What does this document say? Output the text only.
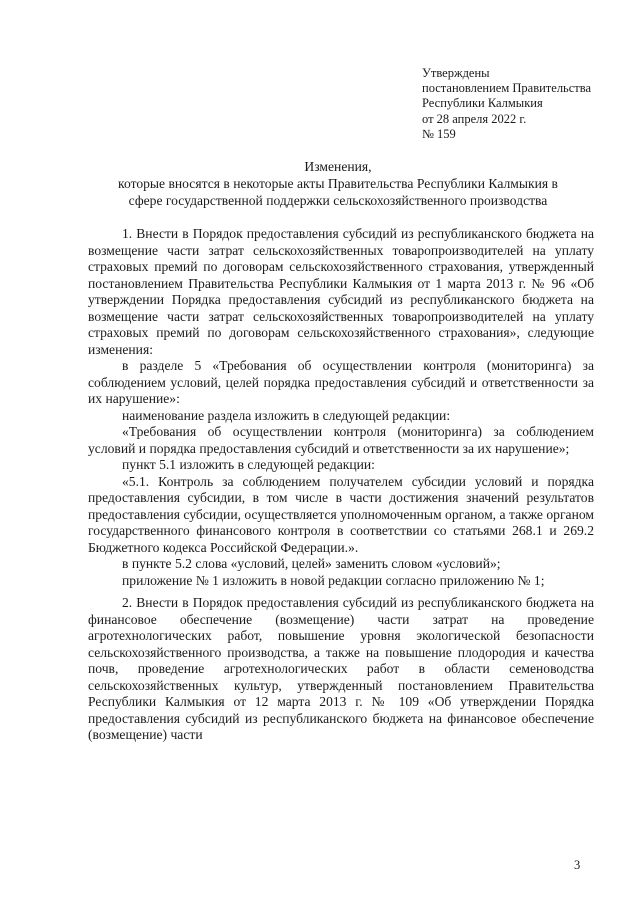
Утверждены
постановлением Правительства
Республики Калмыкия
от 28 апреля 2022 г.
№ 159
Изменения,
которые вносятся в некоторые акты Правительства Республики Калмыкия в
сфере государственной поддержки сельскохозяйственного производства

1. Внести в Порядок предоставления субсидий из республиканского бюджета на возмещение части затрат сельскохозяйственных товаропроизводителей на уплату страховых премий по договорам сельскохозяйственного страхования, утвержденный постановлением Правительства Республики Калмыкия от 1 марта 2013 г. № 96 «Об утверждении Порядка предоставления субсидий из республиканского бюджета на возмещение части затрат сельскохозяйственных товаропроизводителей на уплату страховых премий по договорам сельскохозяйственного страхования», следующие изменения:

в разделе 5 «Требования об осуществлении контроля (мониторинга) за соблюдением условий, целей порядка предоставления субсидий и ответственности за их нарушение»:

наименование раздела изложить в следующей редакции:

«Требования об осуществлении контроля (мониторинга) за соблюдением условий и порядка предоставления субсидий и ответственности за их нарушение»;

пункт 5.1 изложить в следующей редакции:

«5.1. Контроль за соблюдением получателем субсидии условий и порядка предоставления субсидии, в том числе в части достижения значений результатов предоставления субсидии, осуществляется уполномоченным органом, а также органом государственного финансового контроля в соответствии со статьями 268.1 и 269.2 Бюджетного кодекса Российской Федерации.».

в пункте 5.2 слова «условий, целей» заменить словом «условий»;

приложение № 1 изложить в новой редакции согласно приложению № 1;

2. Внести в Порядок предоставления субсидий из республиканского бюджета на финансовое обеспечение (возмещение) части затрат на проведение агротехнологических работ, повышение уровня экологической безопасности сельскохозяйственного производства, а также на повышение плодородия и качества почв, проведение агротехнологических работ в области семеноводства сельскохозяйственных культур, утвержденный постановлением Правительства Республики Калмыкия от 12 марта 2013 г. № 109 «Об утверждении Порядка предоставления субсидий из республиканского бюджета на финансовое обеспечение (возмещение) части

3
